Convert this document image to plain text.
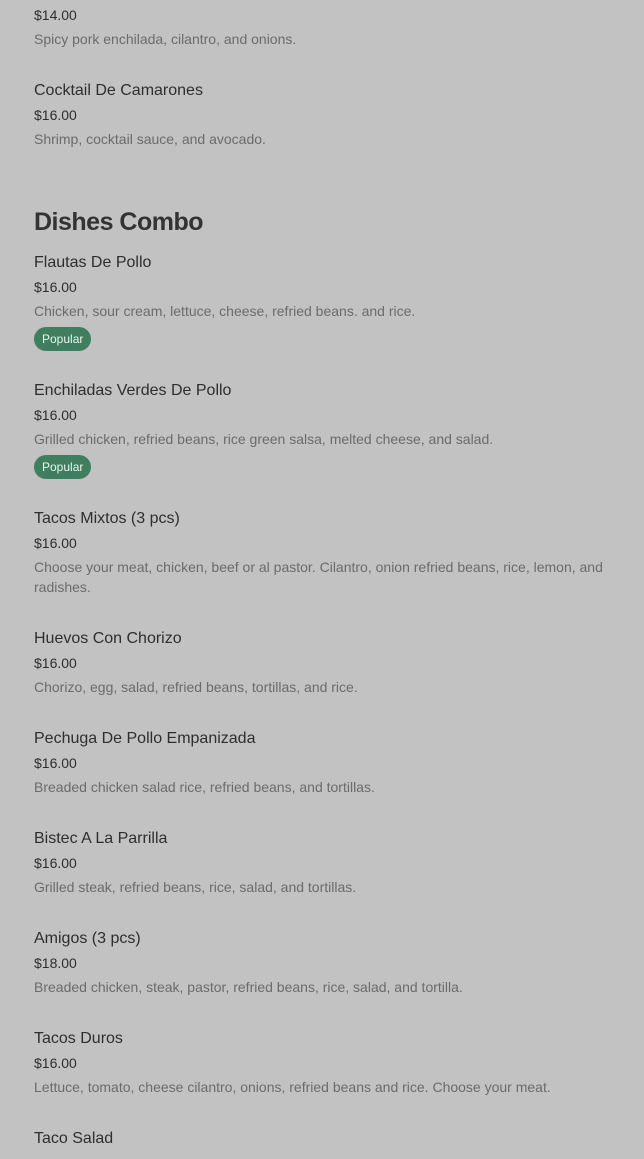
$14.00
Spicy pork enchilada, cilantro, and onions.
Cocktail De Camarones
$16.00
Shrimp, cocktail sauce, and avocado.
Dishes Combo
Flautas De Pollo
$16.00
Chicken, sour cream, lettuce, cheese, refried beans. and rice.
Popular
Enchiladas Verdes De Pollo
$16.00
Grilled chicken, refried beans, rice green salsa, melted cheese, and salad.
Popular
Tacos Mixtos (3 pcs)
$16.00
Choose your meat, chicken, beef or al pastor. Cilantro, onion refried beans, rice, lemon, and radishes.
Huevos Con Chorizo
$16.00
Chorizo, egg, salad, refried beans, tortillas, and rice.
Pechuga De Pollo Empanizada
$16.00
Breaded chicken salad rice, refried beans, and tortillas.
Bistec A La Parrilla
$16.00
Grilled steak, refried beans, rice, salad, and tortillas.
Amigos (3 pcs)
$18.00
Breaded chicken, steak, pastor, refried beans, rice, salad, and tortilla.
Tacos Duros
$16.00
Lettuce, tomato, cheese cilantro, onions, refried beans and rice. Choose your meat.
Taco Salad
